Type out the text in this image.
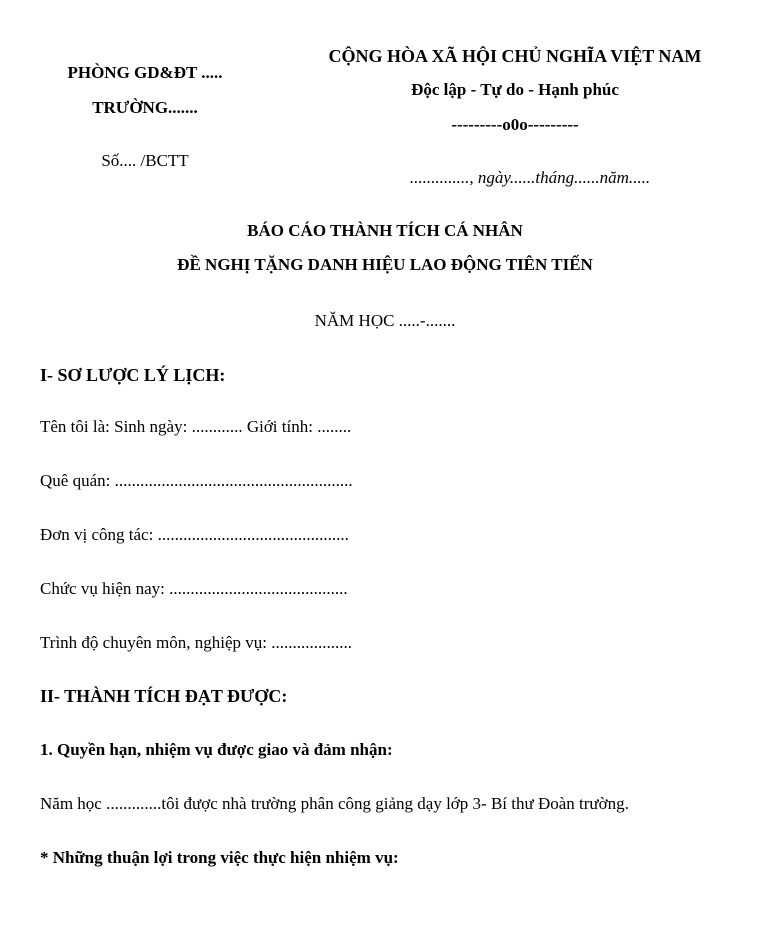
PHÒNG GD&ĐT .....
TRƯỜNG.......
Số.... /BCTT
CỘNG HÒA XÃ HỘI CHỦ NGHĨA VIỆT NAM
Độc lập - Tự do - Hạnh phúc
---------o0o---------
.............., ngày......tháng......năm.....
BÁO CÁO THÀNH TÍCH CÁ NHÂN
ĐỀ NGHỊ TẶNG DANH HIỆU LAO ĐỘNG TIÊN TIẾN
NĂM HỌC .....-.......
I- SƠ LƯỢC LÝ LỊCH:
Tên tôi là: Sinh ngày: ............ Giới tính: ........
Quê quán: ........................................................
Đơn vị công tác: .............................................
Chức vụ hiện nay: ..........................................
Trình độ chuyên môn, nghiệp vụ: ...................
II- THÀNH TÍCH ĐẠT ĐƯỢC:
1. Quyền hạn, nhiệm vụ được giao và đảm nhận:
Năm học .............tôi được nhà trường phân công giảng dạy lớp 3- Bí thư Đoàn trường.
* Những thuận lợi trong việc thực hiện nhiệm vụ:
